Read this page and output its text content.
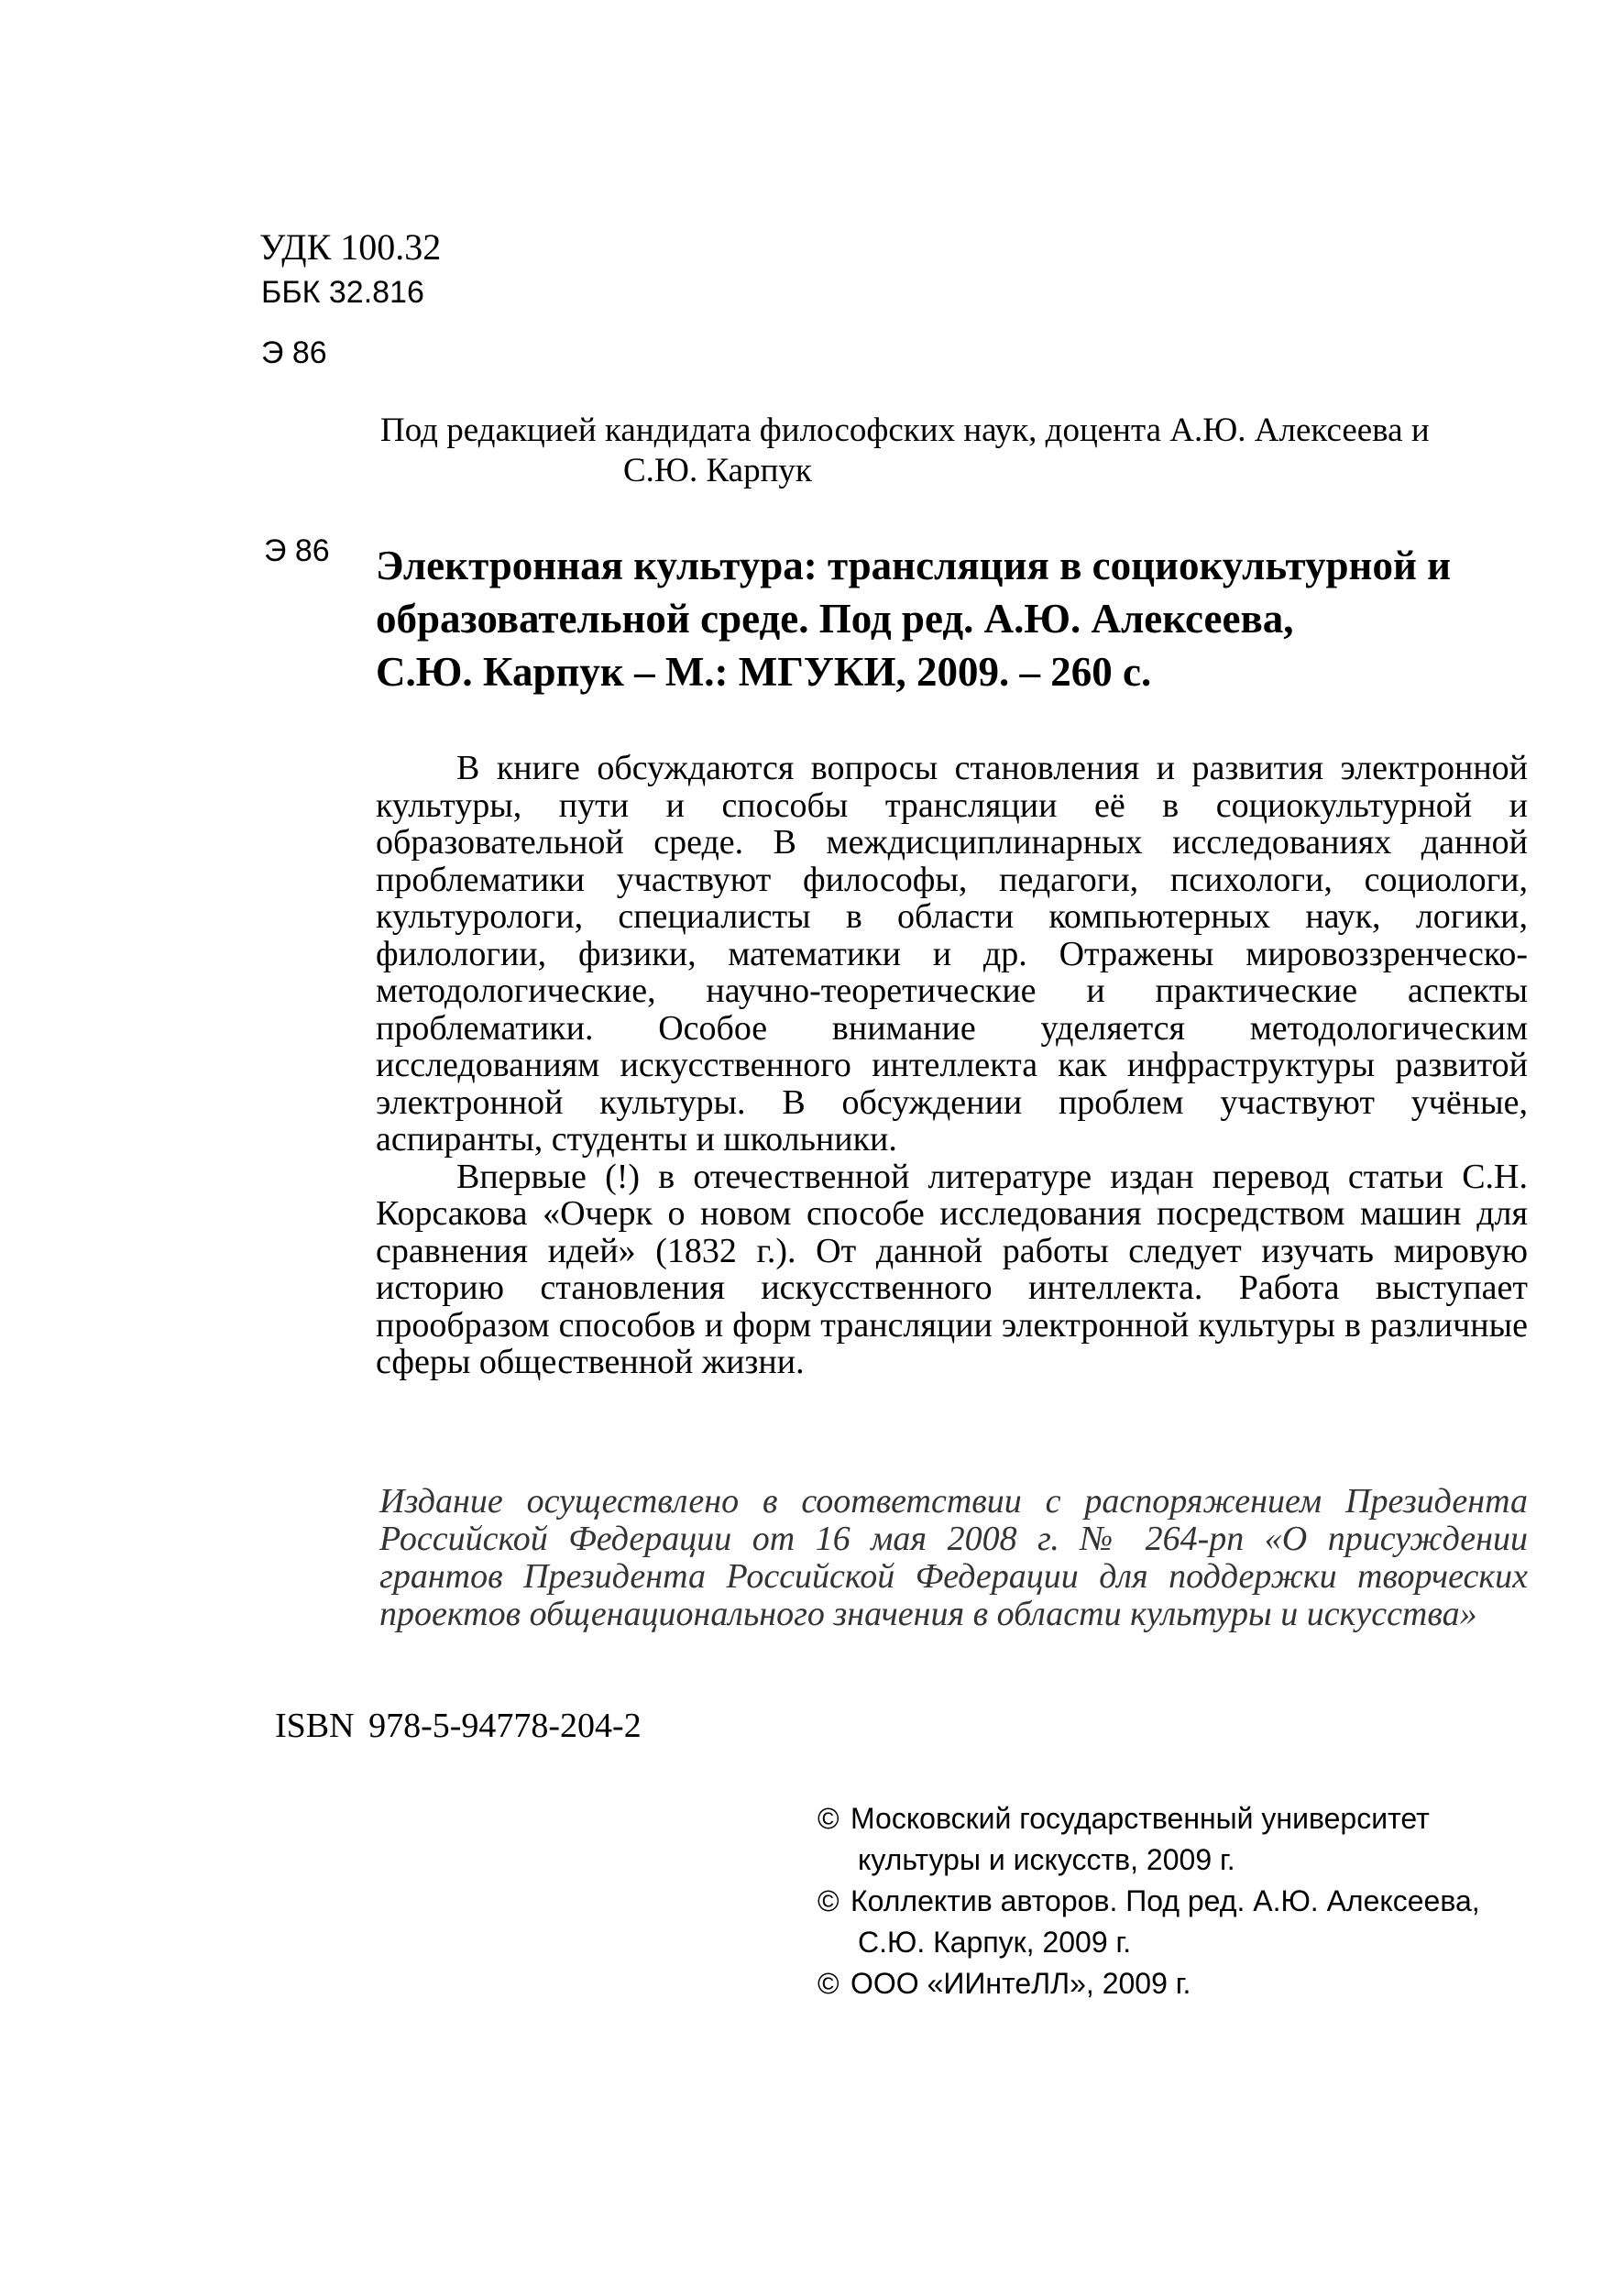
УДК 100.32
ББК 32.816
Э 86
Под редакцией кандидата философских наук, доцента А.Ю. Алексеева и
С.Ю. Карпук
Э 86 Электронная культура: трансляция в социокультурной и
образовательной среде. Под ред. А.Ю. Алексеева,
С.Ю. Карпук – М.: МГУКИ, 2009. – 260 с.

В книге обсуждаются вопросы становления и развития электронной культуры, пути и способы трансляции её в социокультурной и образовательной среде. В междисциплинарных исследованиях данной проблематики участвуют философы, педагоги, психологи, социологи, культурологи, специалисты в области компьютерных наук, логики, филологии, физики, математики и др. Отражены мировоззренческо-методологические, научно-теоретические и практические аспекты проблематики. Особое внимание уделяется методологическим исследованиям искусственного интеллекта как инфраструктуры развитой электронной культуры. В обсуждении проблем участвуют учёные, аспиранты, студенты и школьники.

Впервые (!) в отечественной литературе издан перевод статьи С.Н. Корсакова «Очерк о новом способе исследования посредством машин для сравнения идей» (1832 г.). От данной работы следует изучать мировую историю становления искусственного интеллекта. Работа выступает прообразом способов и форм трансляции электронной культуры в различные сферы общественной жизни.

Издание осуществлено в соответствии с распоряжением Президента Российской Федерации от 16 мая 2008 г. № 264-рп «О присуждении грантов Президента Российской Федерации для поддержки творческих проектов общенационального значения в области культуры и искусства»
ISBN 978-5-94778-204-2
© Московский государственный университет
культуры и искусств, 2009 г.
© Коллектив авторов. Под ред. А.Ю. Алексеева,
С.Ю. Карпук, 2009 г.
© ООО «ИИнтеЛЛ», 2009 г.
